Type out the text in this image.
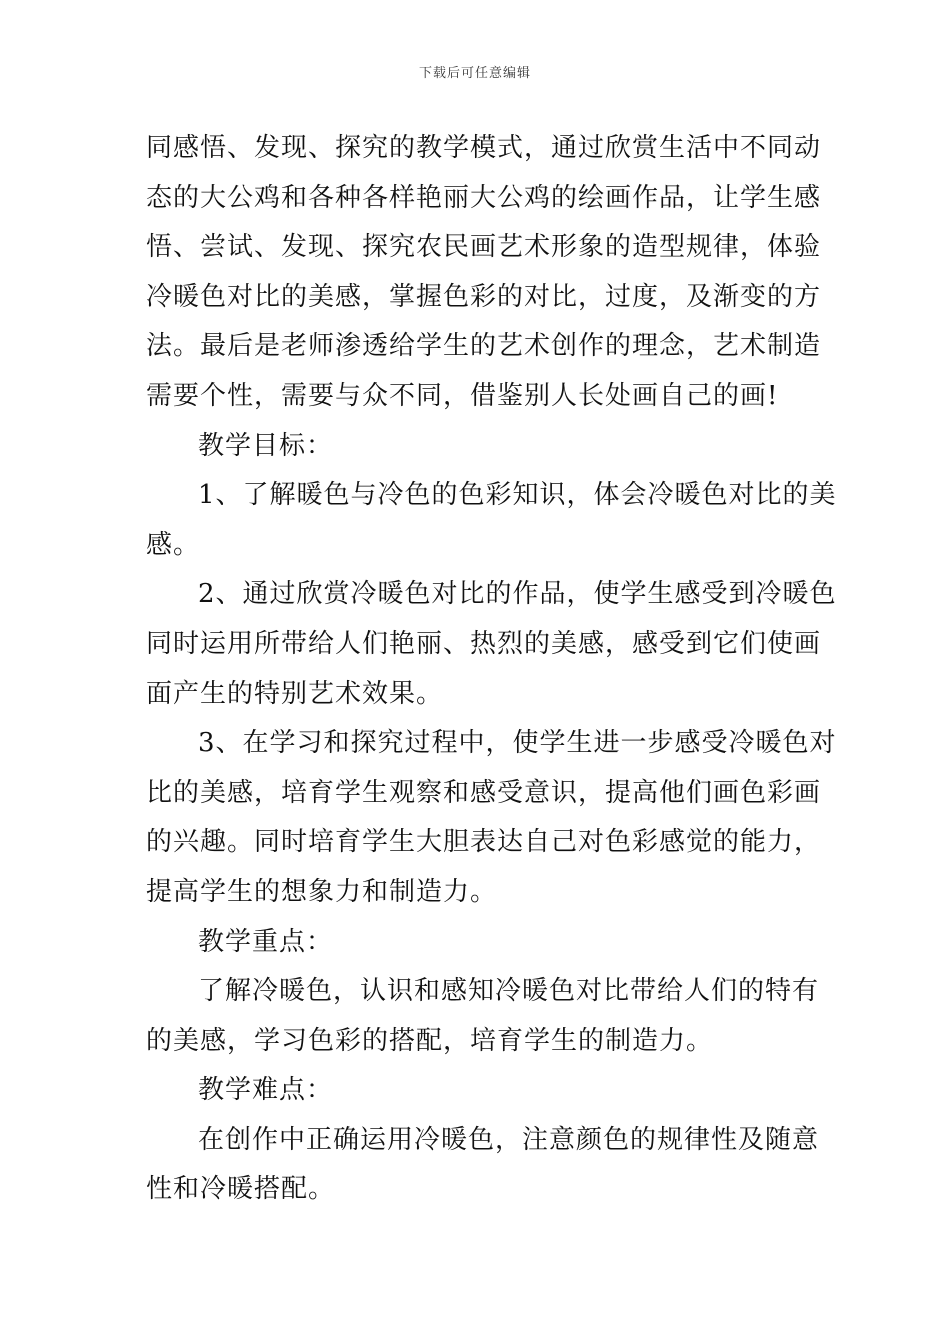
下载后可任意编辑
同感悟、发现、探究的教学模式，通过欣赏生活中不同动
态的大公鸡和各种各样艳丽大公鸡的绘画作品，让学生感
悟、尝试、发现、探究农民画艺术形象的造型规律，体验
冷暖色对比的美感，掌握色彩的对比，过度，及渐变的方
法。最后是老师渗透给学生的艺术创作的理念，艺术制造
需要个性，需要与众不同，借鉴别人长处画自己的画!
教学目标：
1、了解暖色与冷色的色彩知识，体会冷暖色对比的美
感。
2、通过欣赏冷暖色对比的作品，使学生感受到冷暖色
同时运用所带给人们艳丽、热烈的美感，感受到它们使画
面产生的特别艺术效果。
3、在学习和探究过程中，使学生进一步感受冷暖色对
比的美感，培育学生观察和感受意识，提高他们画色彩画
的兴趣。同时培育学生大胆表达自己对色彩感觉的能力，
提高学生的想象力和制造力。
教学重点：
了解冷暖色，认识和感知冷暖色对比带给人们的特有
的美感，学习色彩的搭配，培育学生的制造力。
教学难点：
在创作中正确运用冷暖色，注意颜色的规律性及随意
性和冷暖搭配。
